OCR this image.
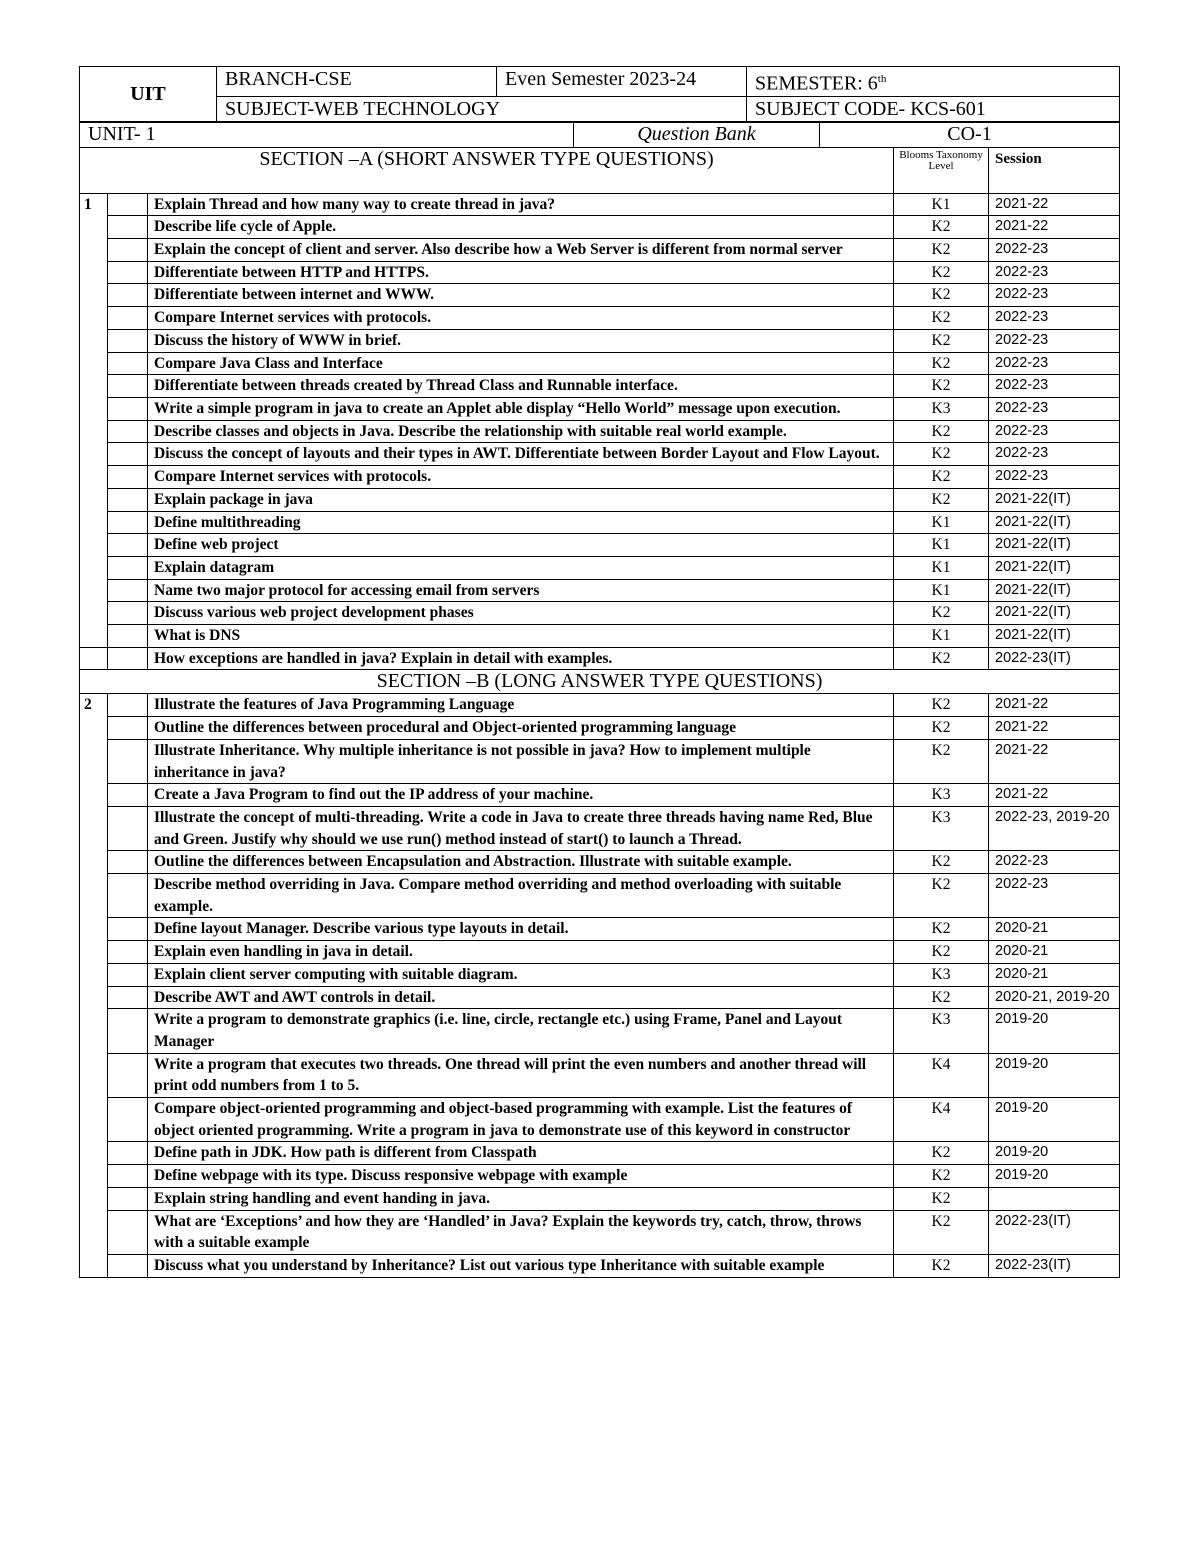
UIT	BRANCH-CSE	Even Semester 2023-24	SEMESTER: 6th
	SUBJECT-WEB TECHNOLOGY		SUBJECT CODE- KCS-601
UNIT- 1	Question Bank	CO-1
SECTION –A (SHORT ANSWER TYPE QUESTIONS)			Blooms Taxonomy Level	Session
1		Explain Thread and how many way to create thread in java?	K1	2021-22
		Describe life cycle of Apple.	K2	2021-22
		Explain the concept of client and server. Also describe how a Web Server is different from normal server	K2	2022-23
		Differentiate between HTTP and HTTPS.	K2	2022-23
		Differentiate between internet and WWW.	K2	2022-23
		Compare Internet services with protocols.	K2	2022-23
		Discuss the history of WWW in brief.	K2	2022-23
		Compare Java Class and Interface	K2	2022-23
		Differentiate between threads created by Thread Class and Runnable interface.	K2	2022-23
		Write a simple program in java to create an Applet able display “Hello World” message upon execution.	K3	2022-23
		Describe classes and objects in Java. Describe the relationship with suitable real world example.	K2	2022-23
		Discuss the concept of layouts and their types in AWT. Differentiate between Border Layout and Flow Layout.	K2	2022-23
		Compare Internet services with protocols.	K2	2022-23
		Explain package in java	K2	2021-22(IT)
		Define multithreading	K1	2021-22(IT)
		Define web project	K1	2021-22(IT)
		Explain datagram	K1	2021-22(IT)
		Name two major protocol for accessing email from servers	K1	2021-22(IT)
		Discuss various web project development phases	K2	2021-22(IT)
		What is DNS	K1	2021-22(IT)
		How exceptions are handled in java? Explain in detail with examples.	K2	2022-23(IT)
SECTION –B (LONG ANSWER TYPE QUESTIONS)				
2		Illustrate the features of Java Programming Language	K2	2021-22
		Outline the differences between procedural and Object-oriented programming language	K2	2021-22
		Illustrate Inheritance. Why multiple inheritance is not possible in java? How to implement multiple inheritance in java?	K2	2021-22
		Create a Java Program to find out the IP address of your machine.	K3	2021-22
		Illustrate the concept of multi-threading. Write a code in Java to create three threads having name Red, Blue and Green. Justify why should we use run() method instead of start() to launch a Thread.	K3	2022-23, 2019-20
		Outline the differences between Encapsulation and Abstraction. Illustrate with suitable example.	K2	2022-23
		Describe method overriding in Java. Compare method overriding and method overloading with suitable example.	K2	2022-23
		Define layout Manager. Describe various type layouts in detail.	K2	2020-21
		Explain even handling in java in detail.	K2	2020-21
		Explain client server computing with suitable diagram.	K3	2020-21
		Describe AWT and AWT controls in detail.	K2	2020-21, 2019-20
		Write a program to demonstrate graphics (i.e. line, circle, rectangle etc.) using Frame, Panel and Layout Manager	K3	2019-20
		Write a program that executes two threads. One thread will print the even numbers and another thread will print odd numbers from 1 to 5.	K4	2019-20
		Compare object-oriented programming and object-based programming with example. List the features of object oriented programming. Write a program in java to demonstrate use of this keyword in constructor	K4	2019-20
		Define path in JDK. How path is different from Classpath	K2	2019-20
		Define webpage with its type. Discuss responsive webpage with example	K2	2019-20
		Explain string handling and event handing in java.	K2	
		What are ‘Exceptions’ and how they are ‘Handled’ in Java? Explain the keywords try, catch, throw, throws with a suitable example	K2	2022-23(IT)
		Discuss what you understand by Inheritance? List out various type Inheritance with suitable example	K2	2022-23(IT)
